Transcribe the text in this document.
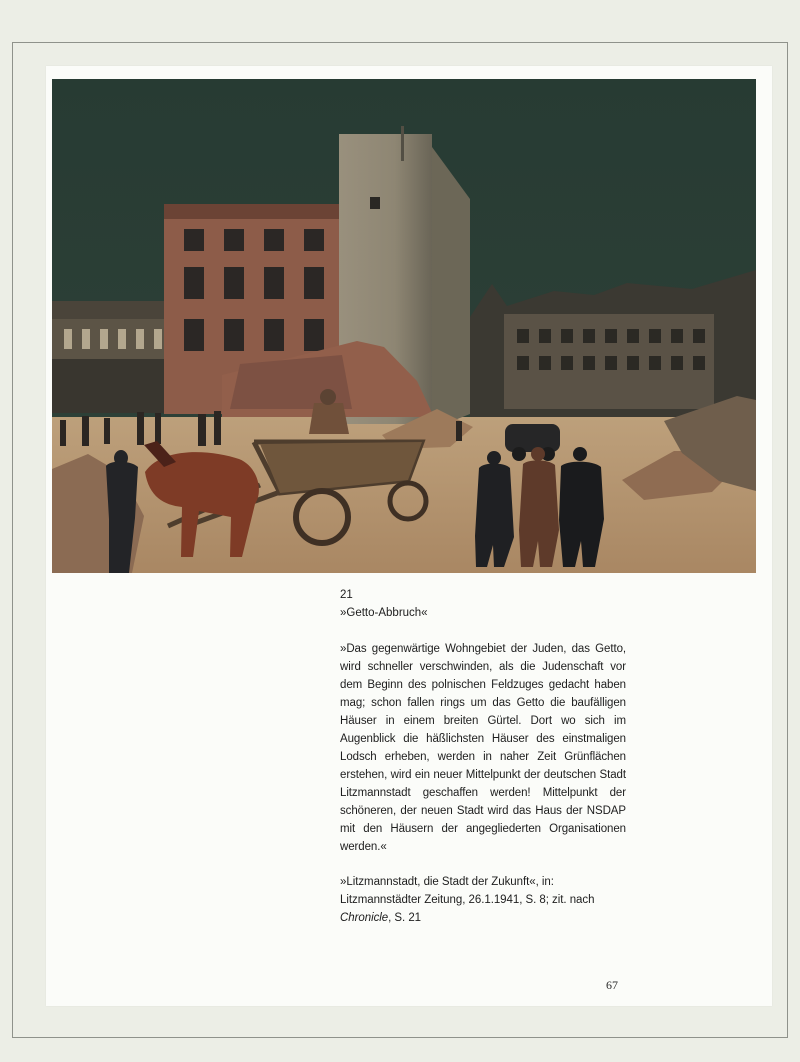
21
»Getto-Abbruch«
»Das gegenwärtige Wohngebiet der Juden, das Getto, wird schneller verschwinden, als die Judenschaft vor dem Beginn des polnischen Feldzuges gedacht haben mag; schon fallen rings um das Getto die baufälligen Häuser in einem breiten Gürtel. Dort wo sich im Augenblick die häßlichsten Häuser des einstmaligen Lodsch erheben, werden in naher Zeit Grünflächen erstehen, wird ein neuer Mittelpunkt der deutschen Stadt Litzmannstadt geschaffen werden! Mittelpunkt der schöneren, der neuen Stadt wird das Haus der NSDAP mit den Häusern der angegliederten Organisationen werden.«
»Litzmannstadt, die Stadt der Zukunft«, in: Litzmannstädter Zeitung, 26.1.1941, S. 8; zit. nach Chronicle, S. 21
67
